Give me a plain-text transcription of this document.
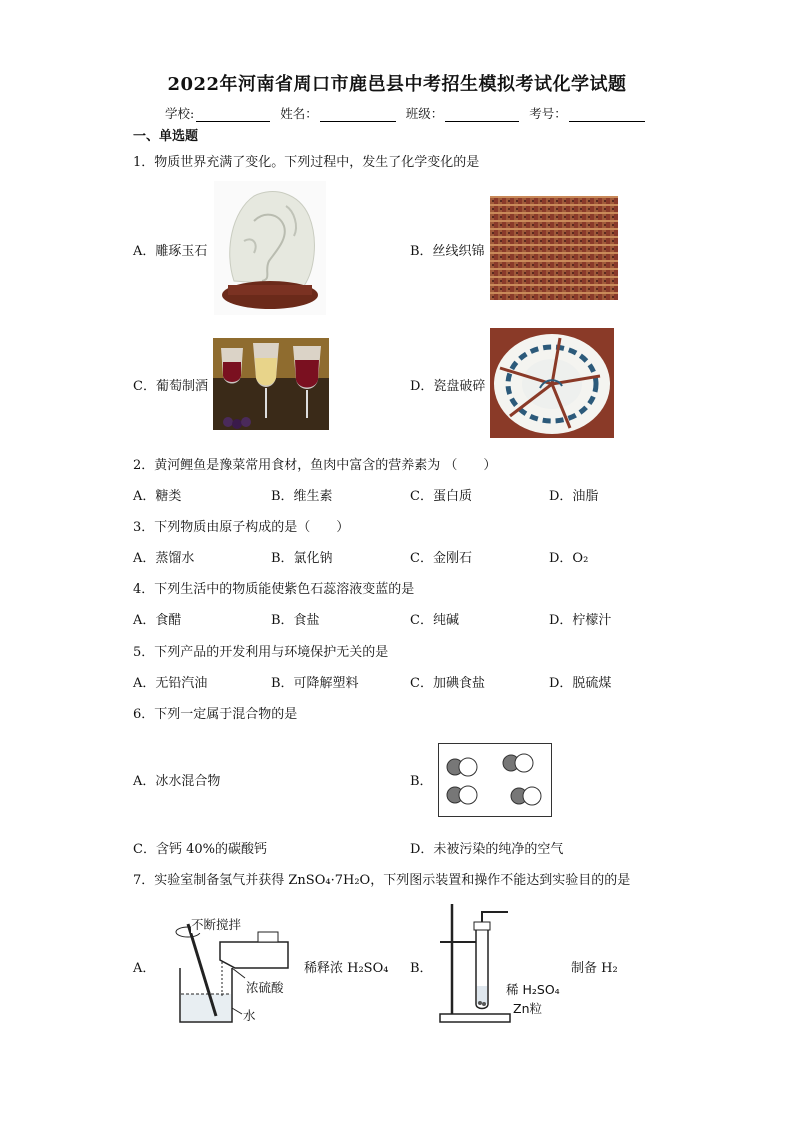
2022年河南省周口市鹿邑县中考招生模拟考试化学试题
学校:	姓名：	班级：	考号：
一、单选题
1．物质世界充满了变化。下列过程中，发生了化学变化的是
A．雕琢玉石	B．丝线织锦
C．葡萄制酒	D．瓷盘破碎
2．黄河鲤鱼是豫菜常用食材，鱼肉中富含的营养素为 （　　）
A．糖类	B．维生素	C．蛋白质	D．油脂
3．下列物质由原子构成的是（　　）
A．蒸馏水	B．氯化钠	C．金刚石	D．O₂
4．下列生活中的物质能使紫色石蕊溶液变蓝的是
A．食醋	B．食盐	C．纯碱	D．柠檬汁
5．下列产品的开发利用与环境保护无关的是
A．无铅汽油	B．可降解塑料	C．加碘食盐	D．脱硫煤
6．下列一定属于混合物的是
A．冰水混合物	B．
C．含钙 40%的碳酸钙	D．未被污染的纯净的空气
7．实验室制备氢气并获得 ZnSO₄·7H₂O，下列图示装置和操作不能达到实验目的的是
A．
不断搅拌
浓硫酸
水
稀释浓 H₂SO₄ B．
稀 H₂SO₄
Zn粒
制备 H₂
